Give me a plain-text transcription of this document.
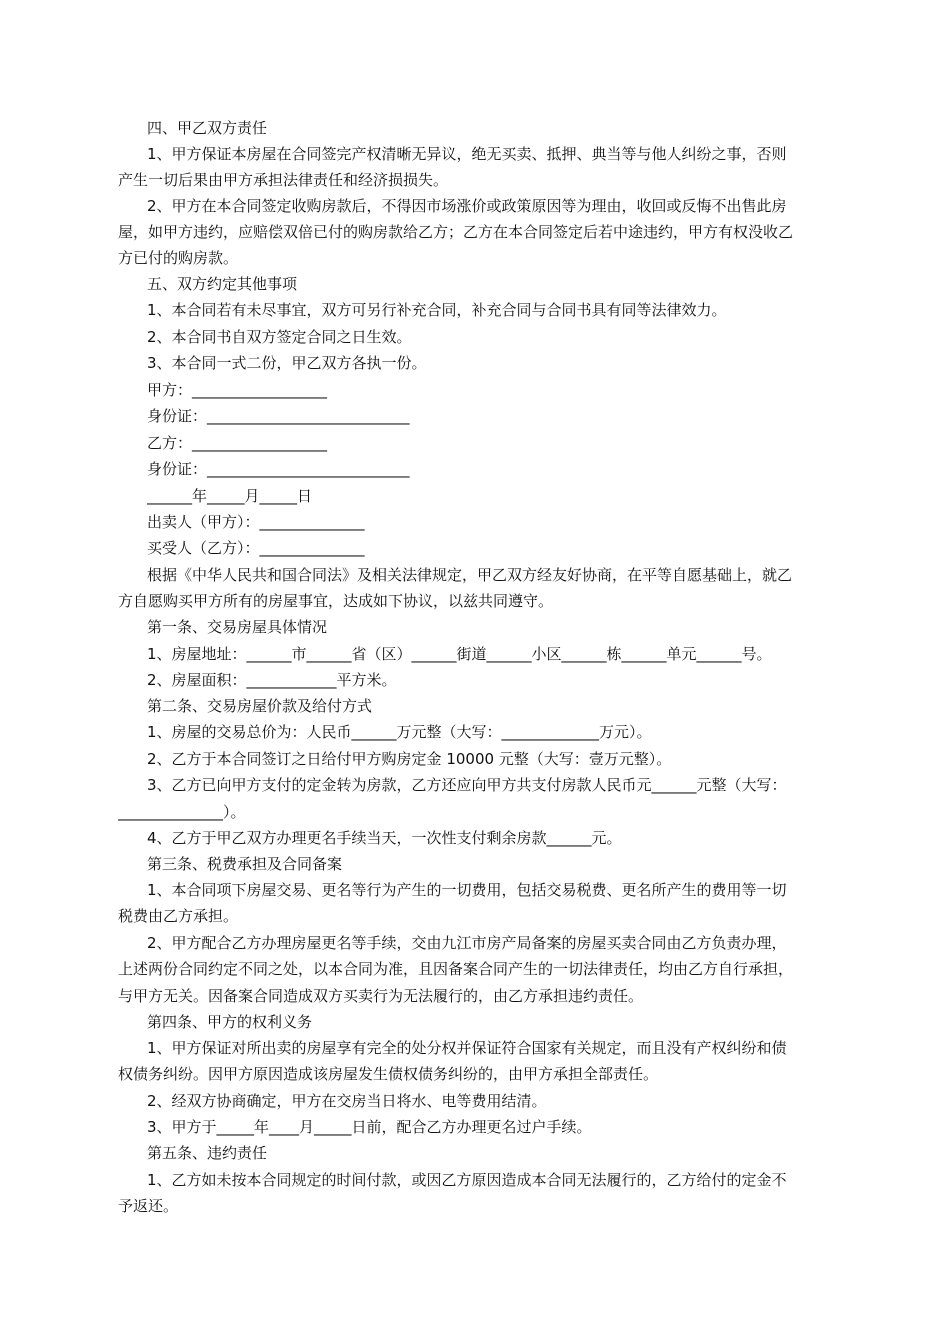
四、甲乙双方责任
1、甲方保证本房屋在合同签完产权清晰无异议，绝无买卖、抵押、典当等与他人纠纷之事，否则
产生一切后果由甲方承担法律责任和经济损损失。
2、甲方在本合同签定收购房款后，不得因市场涨价或政策原因等为理由，收回或反悔不出售此房
屋，如甲方违约，应赔偿双倍已付的购房款给乙方；乙方在本合同签定后若中途违约，甲方有权没收乙
方已付的购房款。
五、双方约定其他事项
1、本合同若有未尽事宜，双方可另行补充合同，补充合同与合同书具有同等法律效力。
2、本合同书自双方签定合同之日生效。
3、本合同一式二份，甲乙双方各执一份。
甲方：__________________
身份证：___________________________
乙方：__________________
身份证：___________________________
______年_____月_____日
出卖人（甲方）：______________
买受人（乙方）：______________
根据《中华人民共和国合同法》及相关法律规定，甲乙双方经友好协商，在平等自愿基础上，就乙
方自愿购买甲方所有的房屋事宜，达成如下协议，以兹共同遵守。
第一条、交易房屋具体情况
1、房屋地址：______市______省（区）______街道______小区______栋______单元______号。
2、房屋面积：____________平方米。
第二条、交易房屋价款及给付方式
1、房屋的交易总价为：人民币______万元整（大写：_____________万元）。
2、乙方于本合同签订之日给付甲方购房定金 10000 元整（大写：壹万元整）。
3、乙方已向甲方支付的定金转为房款，乙方还应向甲方共支付房款人民币元______元整（大写：
______________）。
4、乙方于甲乙双方办理更名手续当天，一次性支付剩余房款______元。
第三条、税费承担及合同备案
1、本合同项下房屋交易、更名等行为产生的一切费用，包括交易税费、更名所产生的费用等一切
税费由乙方承担。
2、甲方配合乙方办理房屋更名等手续，交由九江市房产局备案的房屋买卖合同由乙方负责办理，
上述两份合同约定不同之处，以本合同为准，且因备案合同产生的一切法律责任，均由乙方自行承担，
与甲方无关。因备案合同造成双方买卖行为无法履行的，由乙方承担违约责任。
第四条、甲方的权利义务
1、甲方保证对所出卖的房屋享有完全的处分权并保证符合国家有关规定，而且没有产权纠纷和债
权债务纠纷。因甲方原因造成该房屋发生债权债务纠纷的，由甲方承担全部责任。
2、经双方协商确定，甲方在交房当日将水、电等费用结清。
3、甲方于_____年____月_____日前，配合乙方办理更名过户手续。
第五条、违约责任
1、乙方如未按本合同规定的时间付款，或因乙方原因造成本合同无法履行的，乙方给付的定金不
予返还。
